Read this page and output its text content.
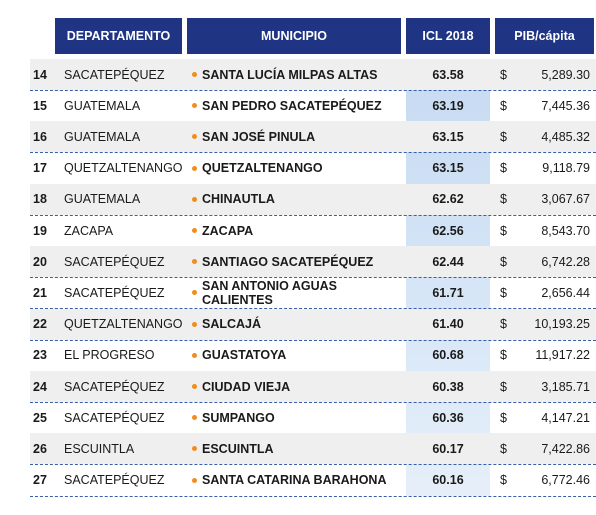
DEPARTAMENTO	MUNICIPIO	ICL 2018	PIB/cápita
14 SACATEPÉQUEZ	SANTA LUCÍA MILPAS ALTAS	63.58	$	5,289.30
15 GUATEMALA	SAN PEDRO SACATEPÉQUEZ	63.19	$	7,445.36
16 GUATEMALA	SAN JOSÉ PINULA	63.15	$	4,485.32
17 QUETZALTENANGO	QUETZALTENANGO	63.15	$	9,118.79
18 GUATEMALA	CHINAUTLA	62.62	$	3,067.67
19 ZACAPA	ZACAPA	62.56	$	8,543.70
20 SACATEPÉQUEZ	SANTIAGO SACATEPÉQUEZ	62.44	$	6,742.28
21 SACATEPÉQUEZ	SAN ANTONIO AGUAS CALIENTES	61.71	$	2,656.44
22 QUETZALTENANGO	SALCAJÁ	61.40	$ 10,193.25
23 EL PROGRESO	GUASTATOYA	60.68	$ 11,917.22
24 SACATEPÉQUEZ	CIUDAD VIEJA	60.38	$	3,185.71
25 SACATEPÉQUEZ	SUMPANGO	60.36	$	4,147.21
26 ESCUINTLA	ESCUINTLA	60.17	$	7,422.86
27 SACATEPÉQUEZ	SANTA CATARINA BARAHONA	60.16	$	6,772.46
